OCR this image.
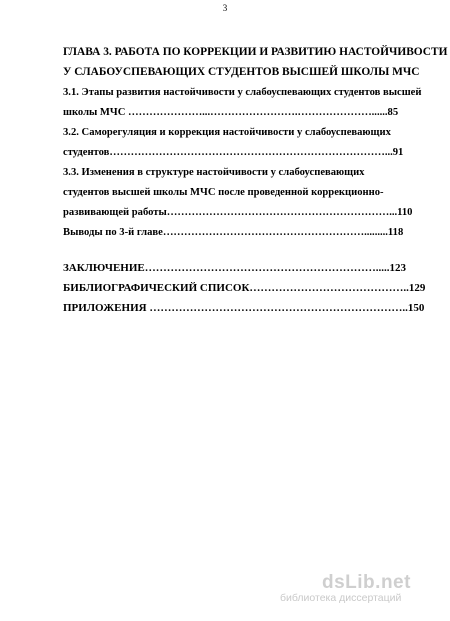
3
ГЛАВА 3. РАБОТА ПО КОРРЕКЦИИ И РАЗВИТИЮ НАСТОЙЧИВОСТИ
У СЛАБОУСПЕВАЮЩИХ СТУДЕНТОВ ВЫСШЕЙ ШКОЛЫ МЧС
3.1. Этапы развития настойчивости у слабоуспевающих студентов высшей
школы МЧС …………………...…………………….…………………......85
3.2. Саморегуляция и коррекция настойчивости у слабоуспевающих
студентов……………………………………………………………………...91
3.3. Изменения в структуре настойчивости у слабоуспевающих
студентов высшей школы МЧС после проведенной коррекционно-
развивающей работы………………………………………………………...110
Выводы по 3-й главе………………………………………………….........118
ЗАКЛЮЧЕНИЕ……………………………………………………….....123
БИБЛИОГРАФИЧЕСКИЙ СПИСОК……………………………………..129
ПРИЛОЖЕНИЯ ……………………………………………………………..150
dsLib.net
библиотека диссертаций
